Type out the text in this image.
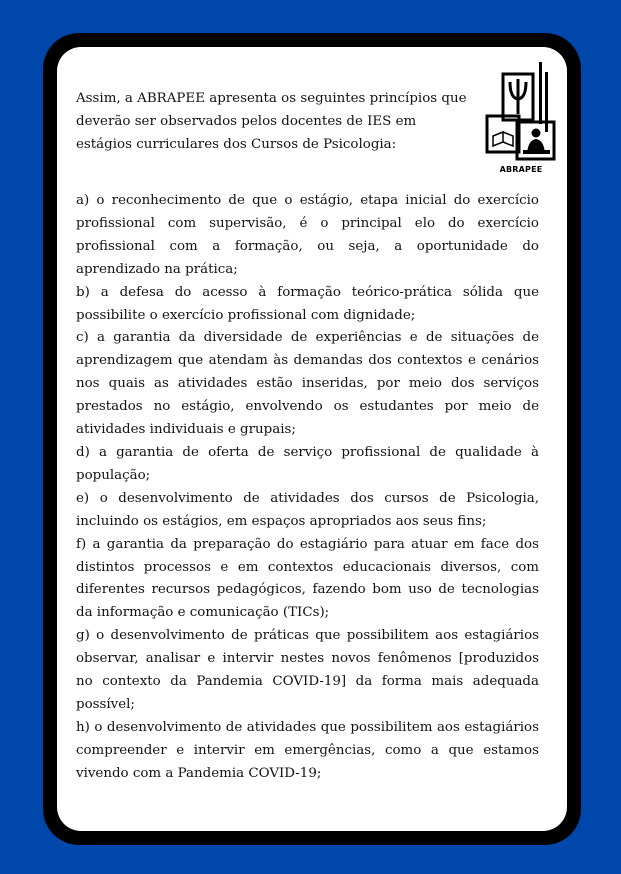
Assim, a ABRAPEE apresenta os seguintes princípios que deverão ser observados pelos docentes de IES em estágios curriculares dos Cursos de Psicologia:

ABRAPEE

a) o reconhecimento de que o estágio, etapa inicial do exercício profissional com supervisão, é o principal elo do exercício profissional com a formação, ou seja, a oportunidade do aprendizado na prática;

b) a defesa do acesso à formação teórico-prática sólida que possibilite o exercício profissional com dignidade;

c) a garantia da diversidade de experiências e de situações de aprendizagem que atendam às demandas dos contextos e cenários nos quais as atividades estão inseridas, por meio dos serviços prestados no estágio, envolvendo os estudantes por meio de atividades individuais e grupais;

d) a garantia de oferta de serviço profissional de qualidade à população;

e) o desenvolvimento de atividades dos cursos de Psicologia, incluindo os estágios, em espaços apropriados aos seus fins;

f) a garantia da preparação do estagiário para atuar em face dos distintos processos e em contextos educacionais diversos, com diferentes recursos pedagógicos, fazendo bom uso de tecnologias da informação e comunicação (TICs);

g) o desenvolvimento de práticas que possibilitem aos estagiários observar, analisar e intervir nestes novos fenômenos [produzidos no contexto da Pandemia COVID-19] da forma mais adequada possível;

h) o desenvolvimento de atividades que possibilitem aos estagiários compreender e intervir em emergências, como a que estamos vivendo com a Pandemia COVID-19;
